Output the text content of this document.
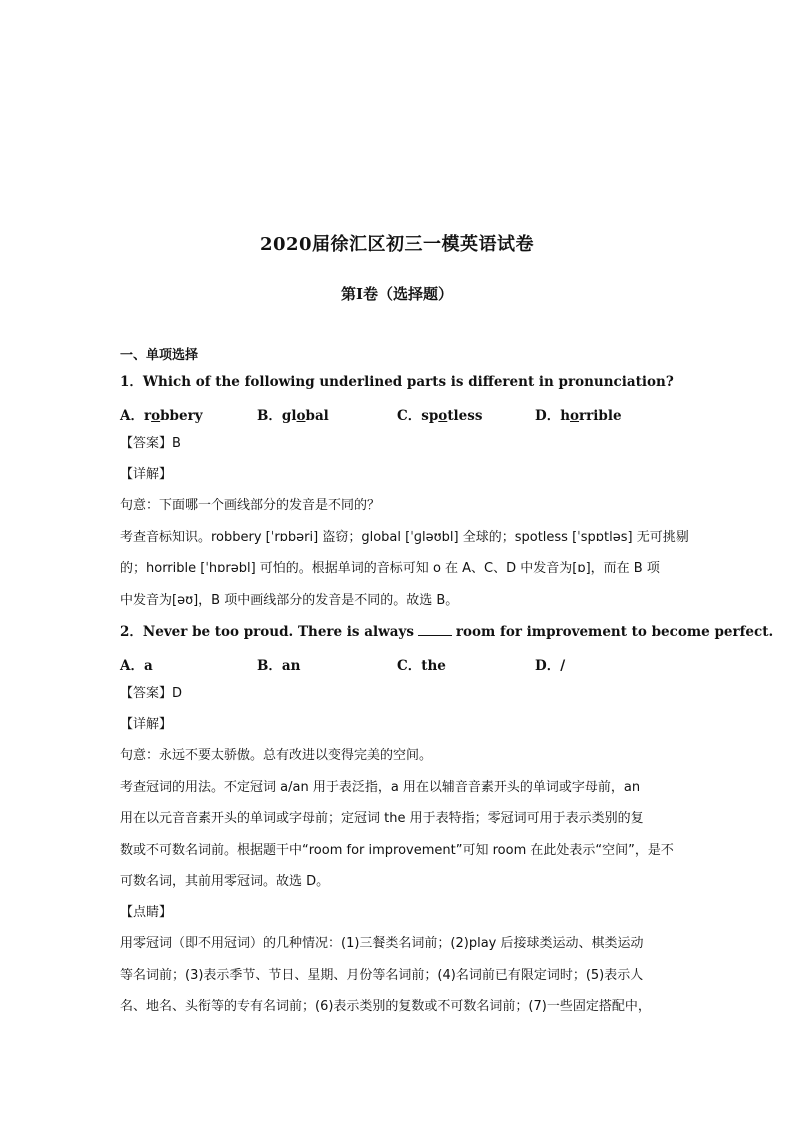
2020届徐汇区初三一模英语试卷
第I卷（选择题）
一、单项选择
1．Which of the following underlined parts is different in pronunciation?
A．robbery	B．global	C．spotless	D．horrible
【答案】B
【详解】
句意：下面哪一个画线部分的发音是不同的？
考查音标知识。robbery [ˈrɒbəri] 盗窃；global [ˈɡləʊbl] 全球的；spotless [ˈspɒtləs] 无可挑剔
的；horrible [ˈhɒrəbl] 可怕的。根据单词的音标可知 o 在 A、C、D 中发音为[ɒ]，而在 B 项
中发音为[əʊ]，B 项中画线部分的发音是不同的。故选 B。
2．Never be too proud. There is always	room for improvement to become perfect.
A．a	B．an	C．the	D．/
【答案】D
【详解】
句意：永远不要太骄傲。总有改进以变得完美的空间。
考查冠词的用法。不定冠词 a/an 用于表泛指，a 用在以辅音音素开头的单词或字母前，an
用在以元音音素开头的单词或字母前；定冠词 the 用于表特指；零冠词可用于表示类别的复
数或不可数名词前。根据题干中“room for improvement”可知 room 在此处表示“空间”，是不
可数名词，其前用零冠词。故选 D。
【点睛】
用零冠词（即不用冠词）的几种情况：(1)三餐类名词前；(2)play 后接球类运动、棋类运动
等名词前；(3)表示季节、节日、星期、月份等名词前；(4)名词前已有限定词时；(5)表示人
名、地名、头衔等的专有名词前；(6)表示类别的复数或不可数名词前；(7)一些固定搭配中，
